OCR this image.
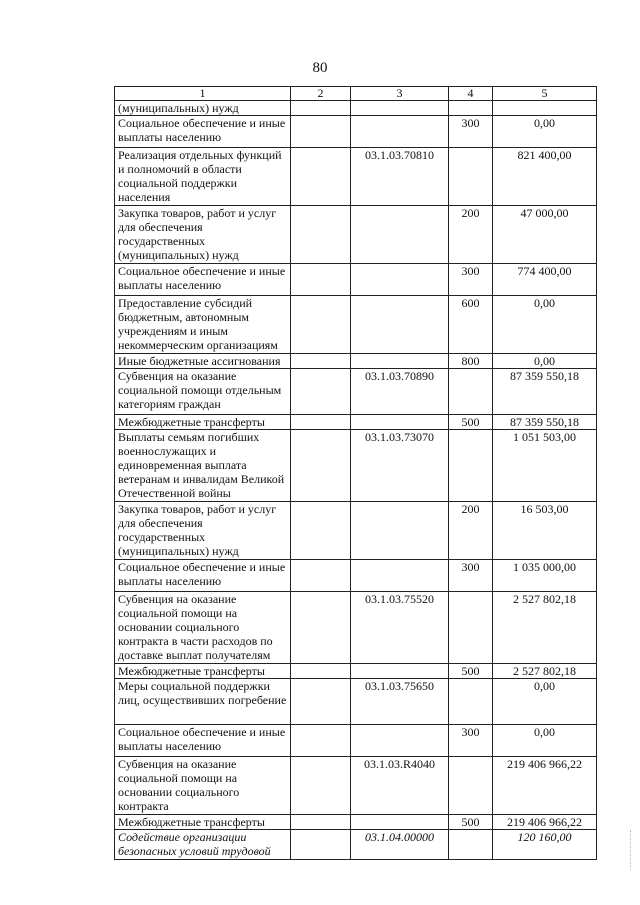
80
1	2	3	4	5
(муниципальных) нужд				
Социальное обеспечение и иные выплаты населению			300	0,00
Реализация отдельных функций и полномочий в области социальной поддержки населения		03.1.03.70810		821 400,00
Закупка товаров, работ и услуг для обеспечения государственных (муниципальных) нужд			200	47 000,00
Социальное обеспечение и иные выплаты населению			300	774 400,00
Предоставление субсидий бюджетным, автономным учреждениям и иным некоммерческим организациям			600	0,00
Иные бюджетные ассигнования			800	0,00
Субвенция на оказание социальной помощи отдельным категориям граждан		03.1.03.70890		87 359 550,18
Межбюджетные трансферты			500	87 359 550,18
Выплаты семьям погибших военнослужащих и единовременная выплата ветеранам и инвалидам Великой Отечественной войны		03.1.03.73070		1 051 503,00
Закупка товаров, работ и услуг для обеспечения государственных (муниципальных) нужд			200	16 503,00
Социальное обеспечение и иные выплаты населению			300	1 035 000,00
Субвенция на оказание социальной помощи на основании социального контракта в части расходов по доставке выплат получателям		03.1.03.75520		2 527 802,18
Межбюджетные трансферты			500	2 527 802,18
Меры социальной поддержки лиц, осуществивших погребение		03.1.03.75650		0,00
Социальное обеспечение и иные выплаты населению			300	0,00
Субвенция на оказание социальной помощи на основании социального контракта		03.1.03.R4040		219 406 966,22
Межбюджетные трансферты			500	219 406 966,22
Содействие организации безопасных условий трудовой		03.1.04.00000		120 160,00
